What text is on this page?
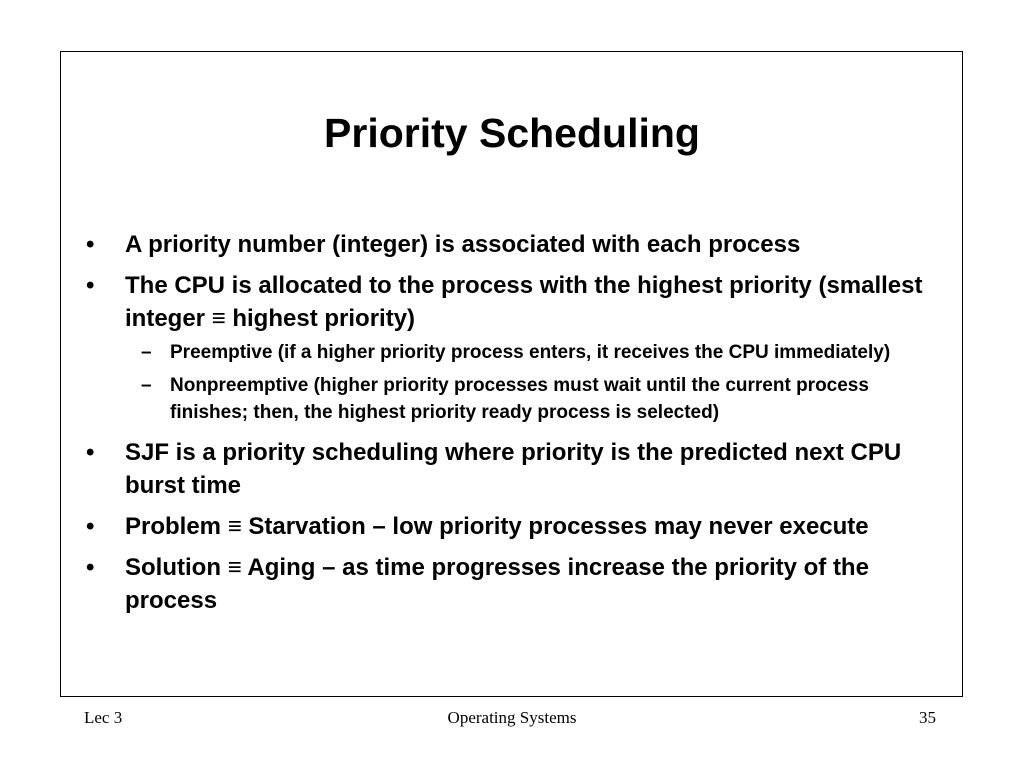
Priority Scheduling
• A priority number (integer) is associated with each process
• The CPU is allocated to the process with the highest priority (smallest integer ≡ highest priority)
– Preemptive (if a higher priority process enters, it receives the CPU immediately)
– Nonpreemptive (higher priority processes must wait until the current process finishes; then, the highest priority ready process is selected)
• SJF is a priority scheduling where priority is the predicted next CPU burst time
• Problem ≡ Starvation – low priority processes may never execute
• Solution ≡ Aging – as time progresses increase the priority of the process
Lec 3	Operating Systems	35
